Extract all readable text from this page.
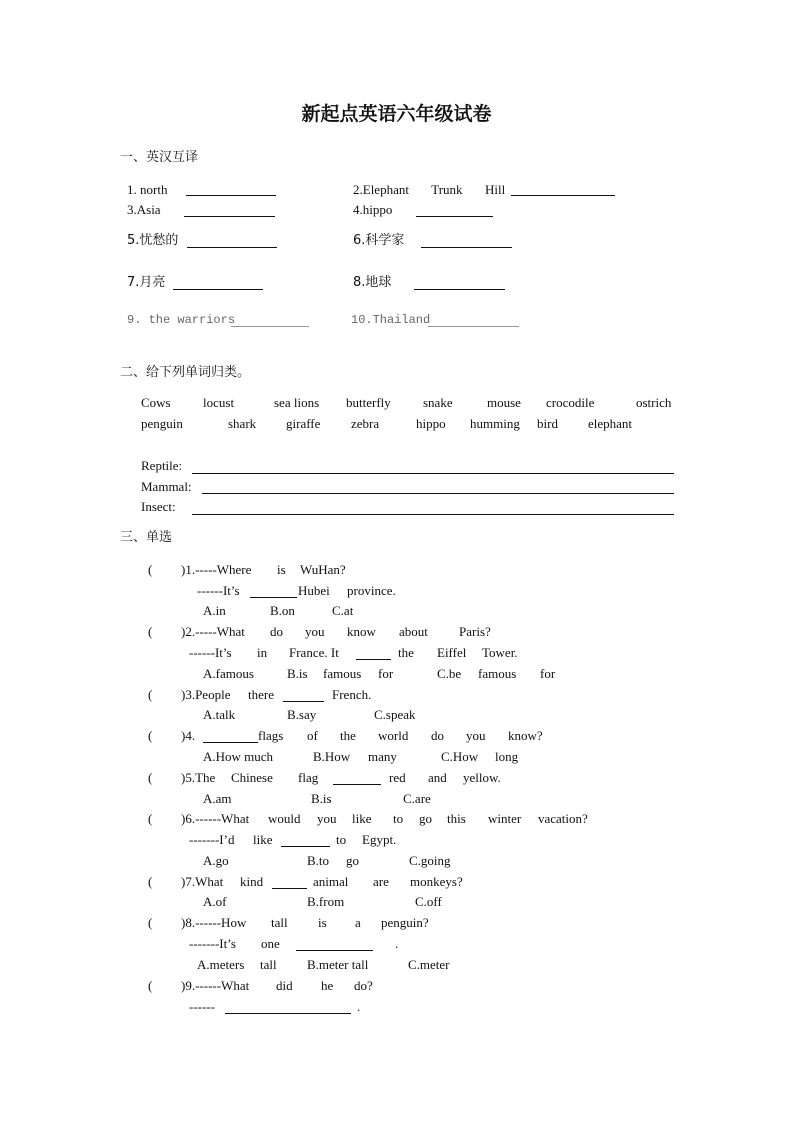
新起点英语六年级试卷
一、英汉互译
1. north	2.Elephant  Trunk  Hill
3.Asia	4.hippo
5.忧愁的	6.科学家
7.月亮	8.地球
9. the warriors	10.Thailand
二、给下列单词归类。
Cows locust	sea lions butterfly snake	mouse crocodile	ostrich
penguin	shark giraffe zebra	hippo humming bird elephant
Reptile:
Mammal:
Insect:
三、单选
( )1.-----Where is WuHan?
------It’s	Hubei province.
A.in	B.on	C.at
( )2.-----What do you know about Paris?
------It’s in France. It	the Eiffel Tower.
A.famous	B.is famous for	C.be famous for
( )3.People there	French.
A.talk	B.say	C.speak
( )4.	flags of the world do you know?
A.How much	B.How many	C.How long
( )5.The Chinese flag	red and yellow.
A.am	B.is	C.are
( )6.------What would you like to go this winter vacation?
-------I’d like	to Egypt.
A.go	B.to go	C.going
( )7.What kind	animal are monkeys?
A.of	B.from	C.off
( )8.------How tall is a penguin?
-------It’s one	.
A.meters tall B.meter tall	C.meter
( )9.------What did he do?
------	.
